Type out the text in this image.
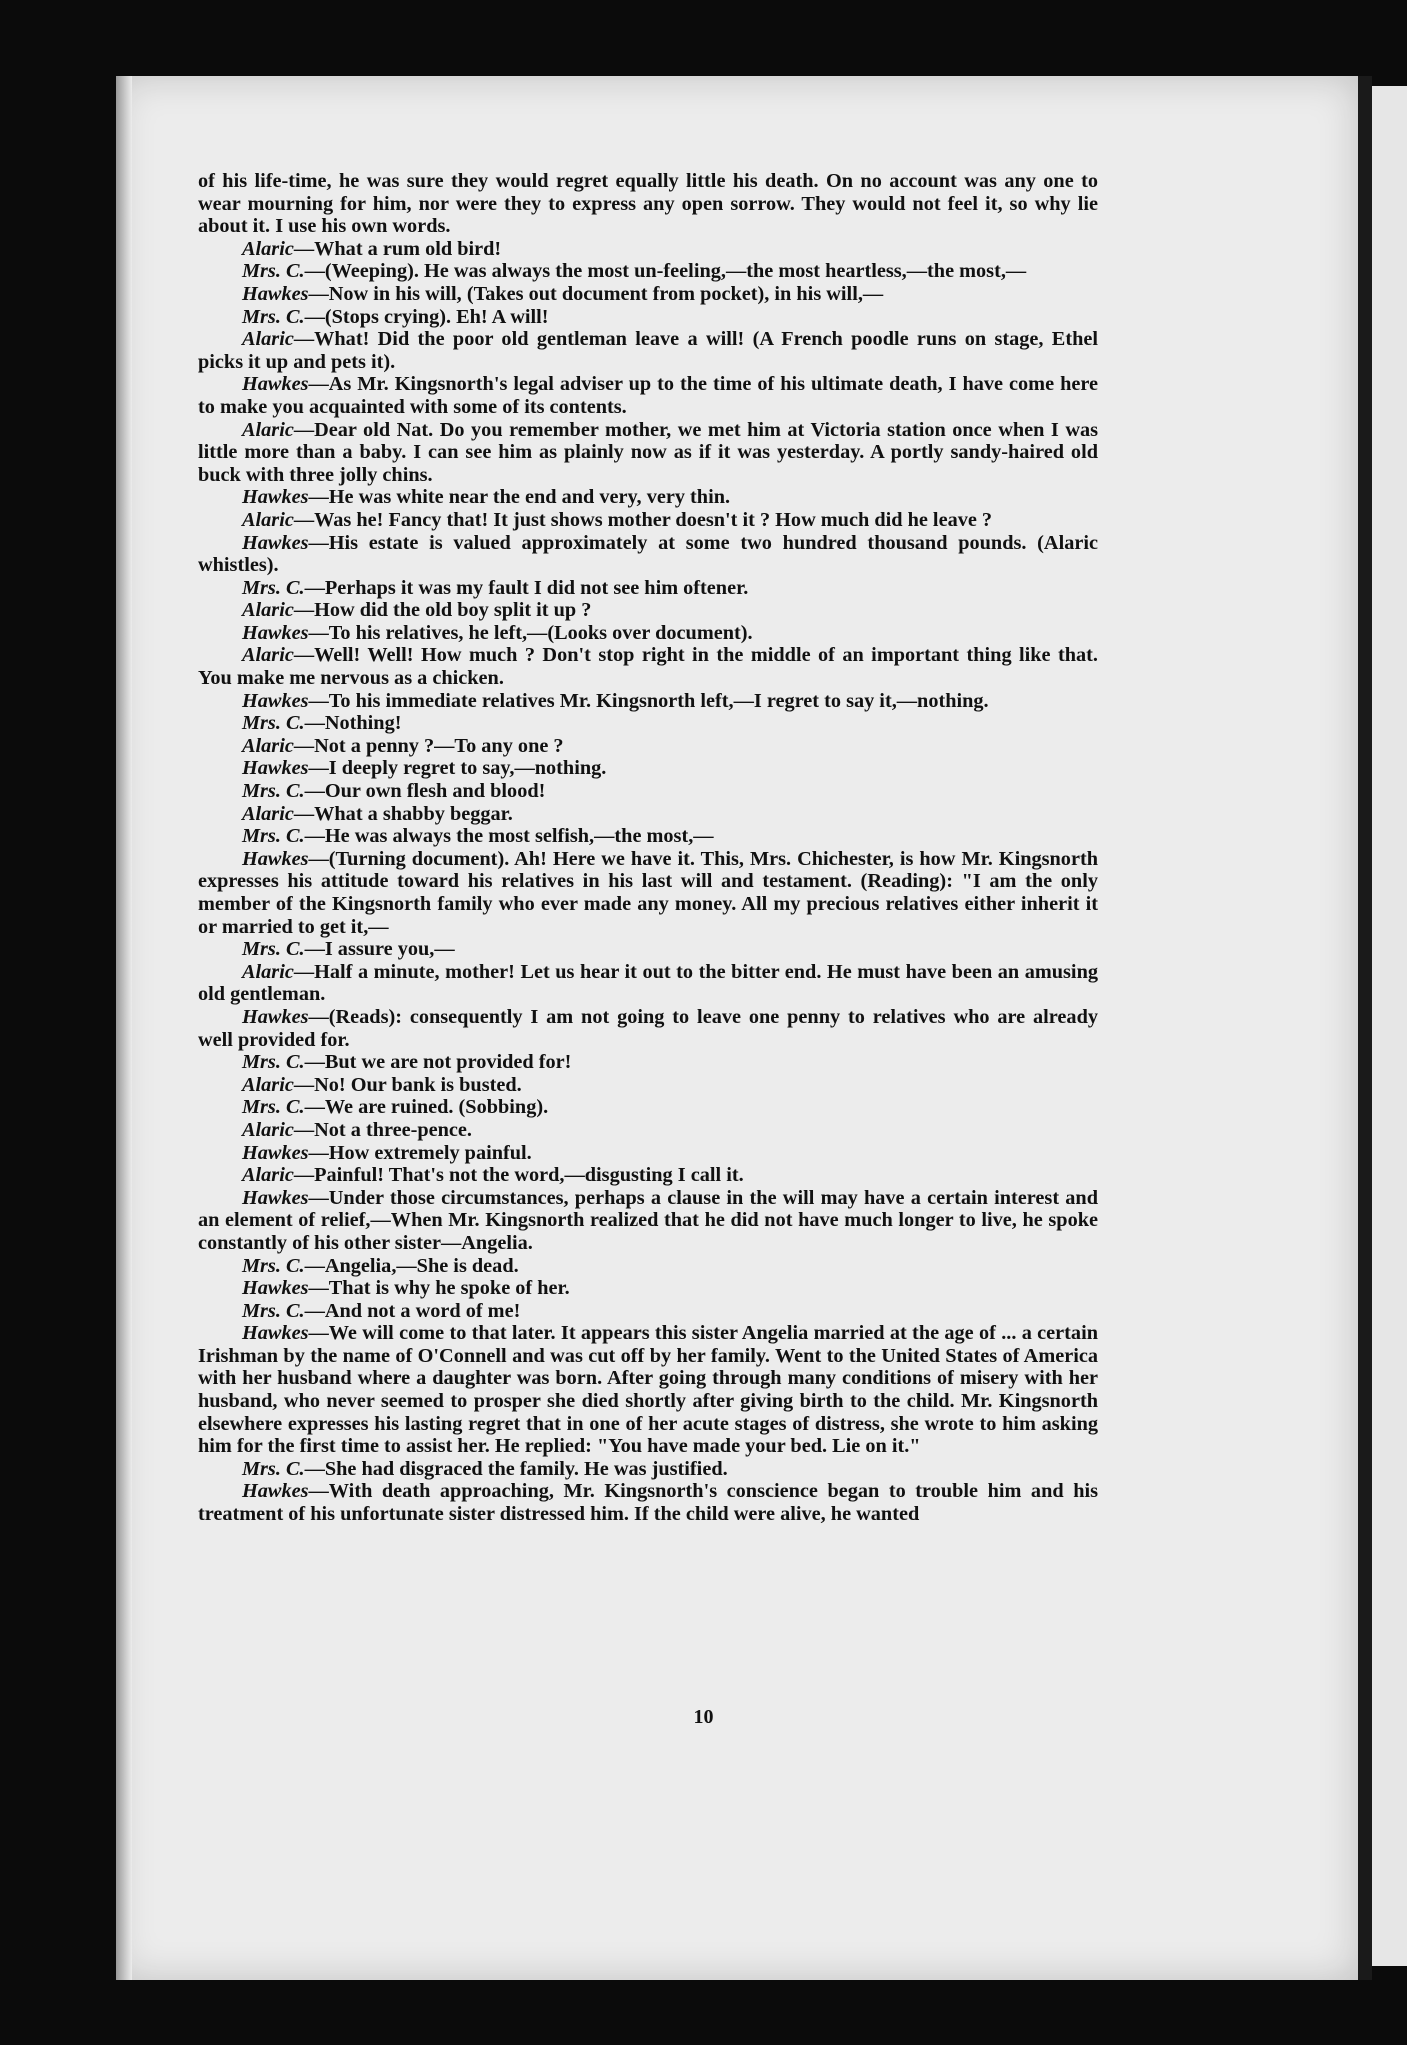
of his life-time, he was sure they would regret equally little his death. On no account was any one to wear mourning for him, nor were they to express any open sorrow. They would not feel it, so why lie about it. I use his own words.

Alaric—What a rum old bird!

Mrs. C.—(Weeping). He was always the most un-feeling,—the most heartless,—the most,—

Hawkes—Now in his will, (Takes out document from pocket), in his will,—

Mrs. C.—(Stops crying). Eh! A will!

Alaric—What! Did the poor old gentleman leave a will! (A French poodle runs on stage, Ethel picks it up and pets it).

Hawkes—As Mr. Kingsnorth's legal adviser up to the time of his ultimate death, I have come here to make you acquainted with some of its contents.

Alaric—Dear old Nat. Do you remember mother, we met him at Victoria station once when I was little more than a baby. I can see him as plainly now as if it was yesterday. A portly sandy-haired old buck with three jolly chins.

Hawkes—He was white near the end and very, very thin.

Alaric—Was he! Fancy that! It just shows mother doesn't it ? How much did he leave ?

Hawkes—His estate is valued approximately at some two hundred thousand pounds. (Alaric whistles).

Mrs. C.—Perhaps it was my fault I did not see him oftener.

Alaric—How did the old boy split it up ?

Hawkes—To his relatives, he left,—(Looks over document).

Alaric—Well! Well! How much ? Don't stop right in the middle of an important thing like that. You make me nervous as a chicken.

Hawkes—To his immediate relatives Mr. Kingsnorth left,—I regret to say it,—nothing.

Mrs. C.—Nothing!

Alaric—Not a penny ?—To any one ?

Hawkes—I deeply regret to say,—nothing.

Mrs. C.—Our own flesh and blood!

Alaric—What a shabby beggar.

Mrs. C.—He was always the most selfish,—the most,—

Hawkes—(Turning document). Ah! Here we have it. This, Mrs. Chichester, is how Mr. Kingsnorth expresses his attitude toward his relatives in his last will and testament. (Reading): "I am the only member of the Kingsnorth family who ever made any money. All my precious relatives either inherit it or married to get it,—

Mrs. C.—I assure you,—

Alaric—Half a minute, mother! Let us hear it out to the bitter end. He must have been an amusing old gentleman.

Hawkes—(Reads): consequently I am not going to leave one penny to relatives who are already well provided for.

Mrs. C.—But we are not provided for!

Alaric—No! Our bank is busted.

Mrs. C.—We are ruined. (Sobbing).

Alaric—Not a three-pence.

Hawkes—How extremely painful.

Alaric—Painful! That's not the word,—disgusting I call it.

Hawkes—Under those circumstances, perhaps a clause in the will may have a certain interest and an element of relief,—When Mr. Kingsnorth realized that he did not have much longer to live, he spoke constantly of his other sister—Angelia.

Mrs. C.—Angelia,—She is dead.

Hawkes—That is why he spoke of her.

Mrs. C.—And not a word of me!

Hawkes—We will come to that later. It appears this sister Angelia married at the age of ... a certain Irishman by the name of O'Connell and was cut off by her family. Went to the United States of America with her husband where a daughter was born. After going through many conditions of misery with her husband, who never seemed to prosper she died shortly after giving birth to the child. Mr. Kingsnorth elsewhere expresses his lasting regret that in one of her acute stages of distress, she wrote to him asking him for the first time to assist her. He replied: "You have made your bed. Lie on it."

Mrs. C.—She had disgraced the family. He was justified.

Hawkes—With death approaching, Mr. Kingsnorth's conscience began to trouble him and his treatment of his unfortunate sister distressed him. If the child were alive, he wanted

10
